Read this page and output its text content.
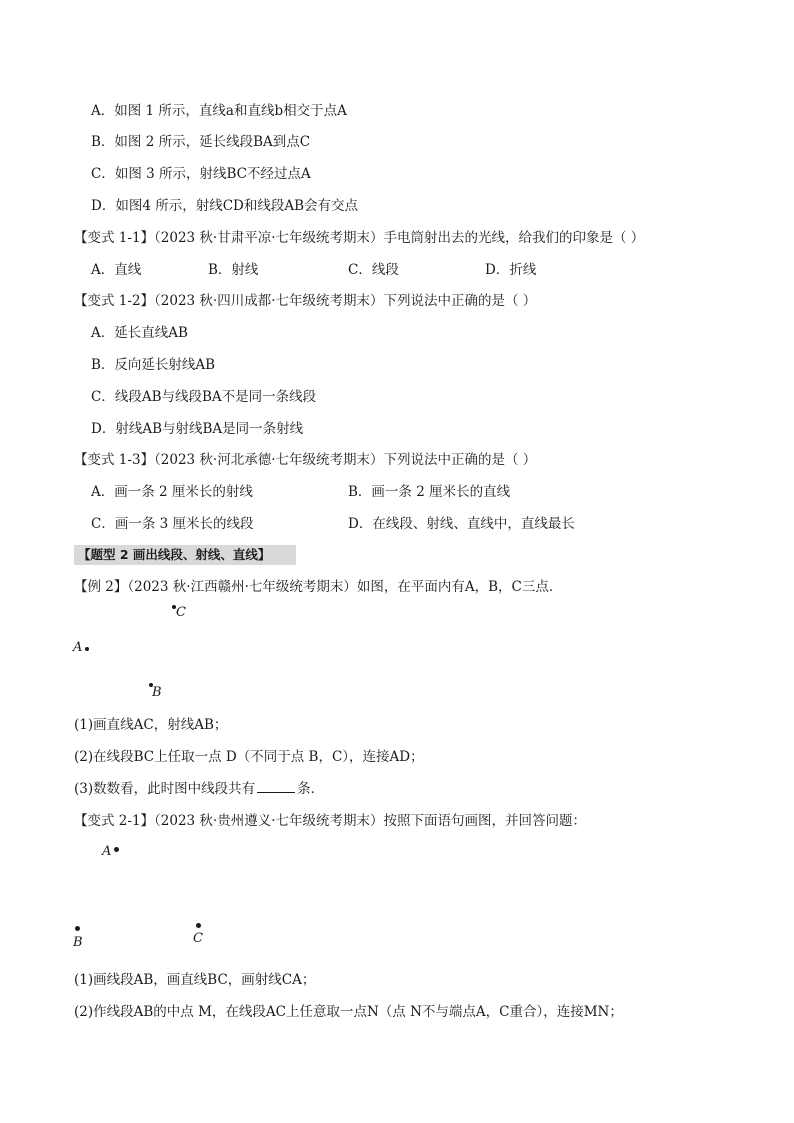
A．如图 1 所示，直线a和直线b相交于点A
B．如图 2 所示，延长线段BA到点C
C．如图 3 所示，射线BC不经过点A
D．如图4 所示，射线CD和线段AB会有交点
【变式 1-1】（2023 秋·甘肃平凉·七年级统考期末）手电筒射出去的光线，给我们的印象是（ ）
A．直线	B．射线	C．线段	D．折线
【变式 1-2】（2023 秋·四川成都·七年级统考期末）下列说法中正确的是（ ）
A．延长直线AB
B．反向延长射线AB
C．线段AB与线段BA不是同一条线段
D．射线AB与射线BA是同一条射线
【变式 1-3】（2023 秋·河北承德·七年级统考期末）下列说法中正确的是（ ）
A．画一条 2 厘米长的射线	B．画一条 2 厘米长的直线
C．画一条 3 厘米长的线段	D．在线段、射线、直线中，直线最长
【题型 2 画出线段、射线、直线】
【例 2】（2023 秋·江西赣州·七年级统考期末）如图，在平面内有A，B，C三点．
C
A
B
(1)画直线AC，射线AB；
(2)在线段BC上任取一点 D（不同于点 B，C），连接AD；
(3)数数看，此时图中线段共有	条．
【变式 2-1】（2023 秋·贵州遵义·七年级统考期末）按照下面语句画图，并回答问题：
A
B	C
(1)画线段AB，画直线BC，画射线CA；
(2)作线段AB的中点 M，在线段AC上任意取一点N（点 N不与端点A，C重合），连接MN；
